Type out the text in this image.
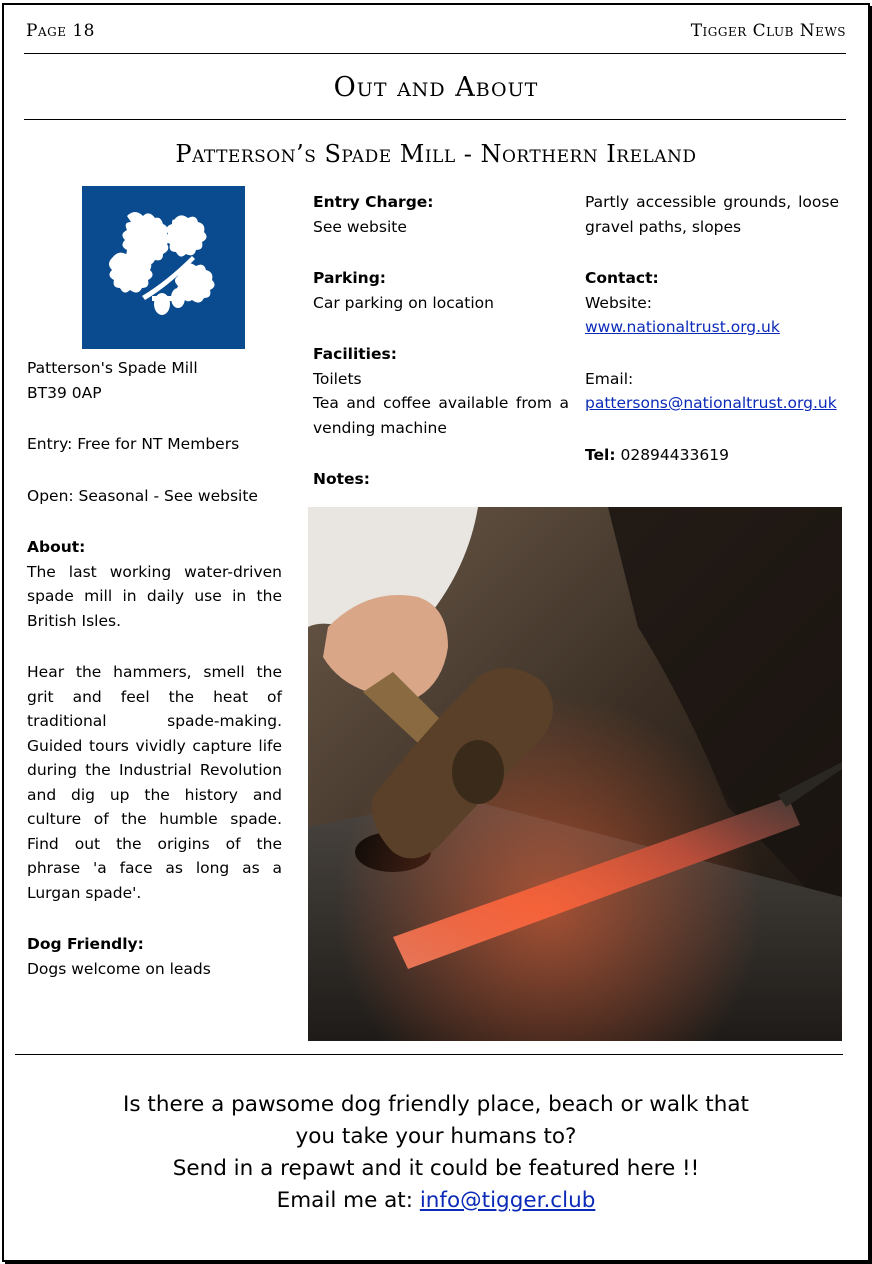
Page 18	Tigger Club News
Out and About
Patterson’s Spade Mill - Northern Ireland

Patterson's Spade Mill

BT39 0AP

Entry: Free for NT Members

Open: Seasonal - See website

About:

The last working water-driven spade mill in daily use in the British Isles.

Hear the hammers, smell the grit and feel the heat of traditional spade-making. Guided tours vividly capture life during the Industrial Revolution and dig up the history and culture of the humble spade. Find out the origins of the phrase 'a face as long as a Lurgan spade'.

Dog Friendly:

Dogs welcome on leads

Entry Charge:

See website

Parking:

Car parking on location

Facilities:

Toilets

Tea and coffee available from a vending machine

Notes:

Partly accessible grounds, loose gravel paths, slopes

Contact:

Website:

www.nationaltrust.org.uk

Email:

pattersons@nationaltrust.org.uk

Tel: 02894433619

Is there a pawsome dog friendly place, beach or walk that

you take your humans to?

Send in a repawt and it could be featured here !!

Email me at: info@tigger.club
